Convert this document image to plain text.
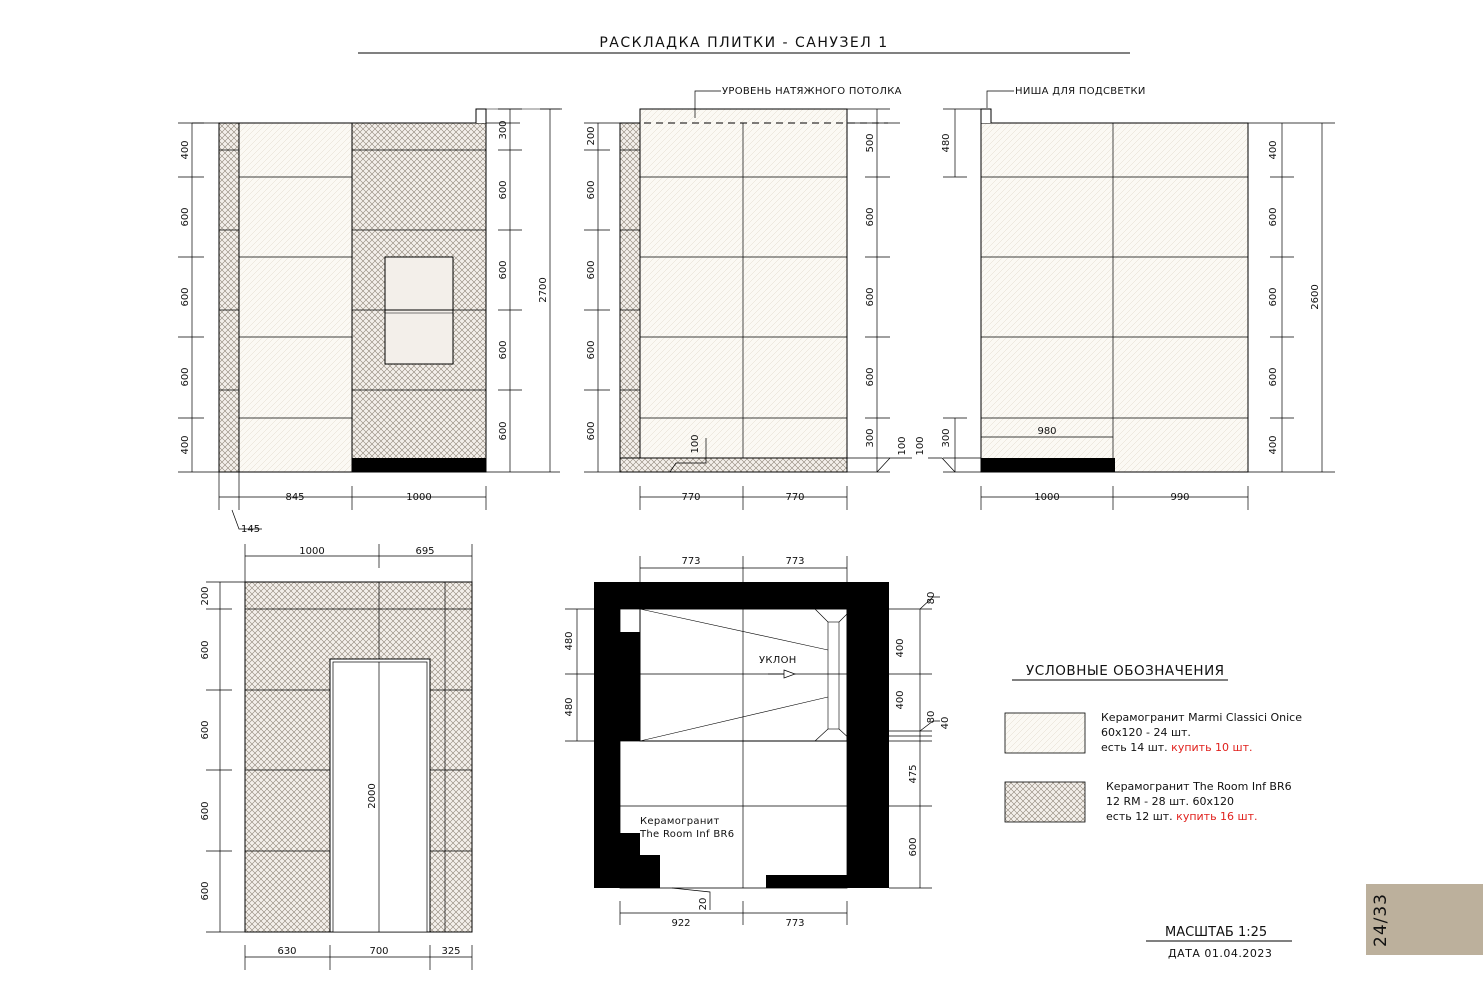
РАСКЛАДКА ПЛИТКИ - САНУЗЕЛ 1
УРОВЕНЬ НАТЯЖНОГО ПОТОЛКА	НИША ДЛЯ ПОДСВЕТКИ
УКЛОН
Керамогранит
The Room Inf BR6
400
600
600
600
400
300
600
600
600
600
2700
845	1000
145
200
600
600
600
600
500
600
600
600
300
100	100
770	770
480
100 300
400
600
600
600
400
2600
980
1000	990
1000	695
200
600
600
600
600
2000
630	700	325
773	773
480
480
80
400
400
80 40
475
600
922	773
20
УСЛОВНЫЕ ОБОЗНАЧЕНИЯ
Керамогранит Marmi Classici Onice
60x120 - 24 шт.
есть 14 шт. купить 10 шт.
Керамогранит The Room Inf BR6
12 RM - 28 шт. 60x120
есть 12 шт. купить 16 шт.
МАСШТАБ 1:25
ДАТА 01.04.2023
24/33
